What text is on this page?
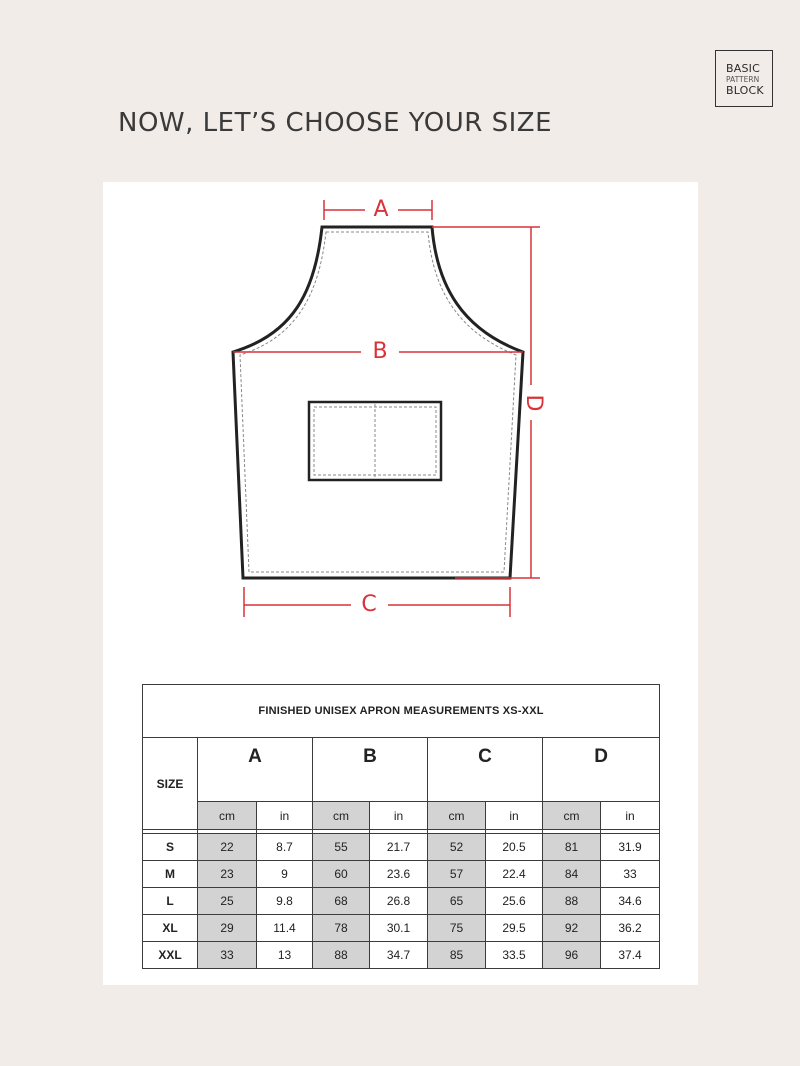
BASIC
PATTERN
BLOCK
NOW, LET’S CHOOSE YOUR SIZE
A
B
C
D
FINISHED UNISEX APRON MEASUREMENTS XS-XXL								
SIZE	A		B		C		D	
	cm	in	cm	in	cm	in	cm	in

S	22	8.7	55	21.7	52	20.5	81	31.9
M	23	9	60	23.6	57	22.4	84	33
L	25	9.8	68	26.8	65	25.6	88	34.6
XL	29	11.4	78	30.1	75	29.5	92	36.2
XXL	33	13	88	34.7	85	33.5	96	37.4
